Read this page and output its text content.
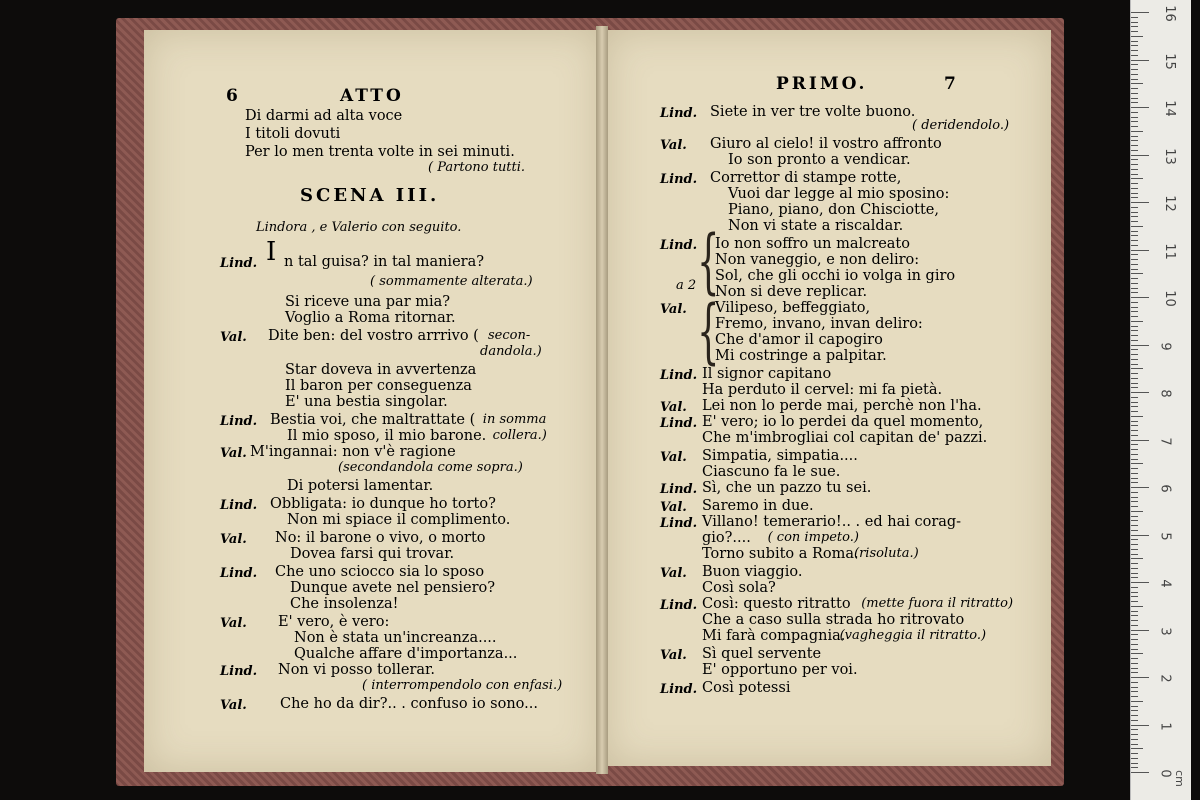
6	ATTO
Di darmi ad alta voce
I titoli dovuti
Per lo men trenta volte in sei minuti.
( Partono tutti.
SCENA III.
Lindora , e Valerio con seguito.
Lind. I n tal guisa? in tal maniera?
( sommamente alterata.)
Si riceve una par mia?
Voglio a Roma ritornar.
Val. Dite ben: del vostro arrrivo ( secon-
dandola.)
Star doveva in avvertenza
Il baron per conseguenza
E' una bestia singolar.
Lind. Bestia voi, che maltrattate ( in somma
Il mio sposo, il mio barone. collera.)
Val. M'ingannai: non v'è ragione
(secondandola come sopra.)
Di potersi lamentar.
Lind. Obbligata: io dunque ho torto?
Non mi spiace il complimento.
Val. No: il barone o vivo, o morto
Dovea farsi qui trovar.
Lind. Che uno sciocco sia lo sposo
Dunque avete nel pensiero?
Che insolenza!
Val. E' vero, è vero:
Non è stata un'increanza....
Qualche affare d'importanza...
Lind. Non vi posso tollerar.
( interrompendolo con enfasi.)
Val. Che ho da dir?.. . confuso io sono...
PRIMO.	7
Lind. Siete in ver tre volte buono.
( deridendolo.)
Val. Giuro al cielo! il vostro affronto
Io son pronto a vendicar.
Lind. Correttor di stampe rotte,
Vuoi dar legge al mio sposino:
Piano, piano, don Chisciotte,
Non vi state a riscaldar.
Lind. Io non soffro un malcreato
Non vaneggio, e non deliro:
Sol, che gli occhi io volga in giro
Non si deve replicar.
Val. Vilipeso, beffeggiato,
Fremo, invano, invan deliro:
Che d'amor il capogiro
Mi costringe a palpitar.
Lind. Il signor capitano
Ha perduto il cervel: mi fa pietà.
Val. Lei non lo perde mai, perchè non l'ha.
Lind. E' vero; io lo perdei da quel momento,
Che m'imbrogliai col capitan de' pazzi.
Val. Simpatia, simpatia....
Ciascuno fa le sue.
Lind. Sì, che un pazzo tu sei.
Val. Saremo in due.
Lind. Villano! temerario!.. . ed hai corag-
gio?.... ( con impeto.)
Torno subito a Roma.
(risoluta.)
Val. Buon viaggio.
Così sola?
Lind. Così: questo ritratto (mette fuora il ritratto)
Che a caso sulla strada ho ritrovato
Mi farà compagnia.
(vagheggia il ritratto.)
Val. Sì quel servente
E' opportuno per voi.
Lind. Così potessi
{
{
a 2
16
15
14
13
12
11
10
9
8
7
6
5
4
3
2
1
0 cm
